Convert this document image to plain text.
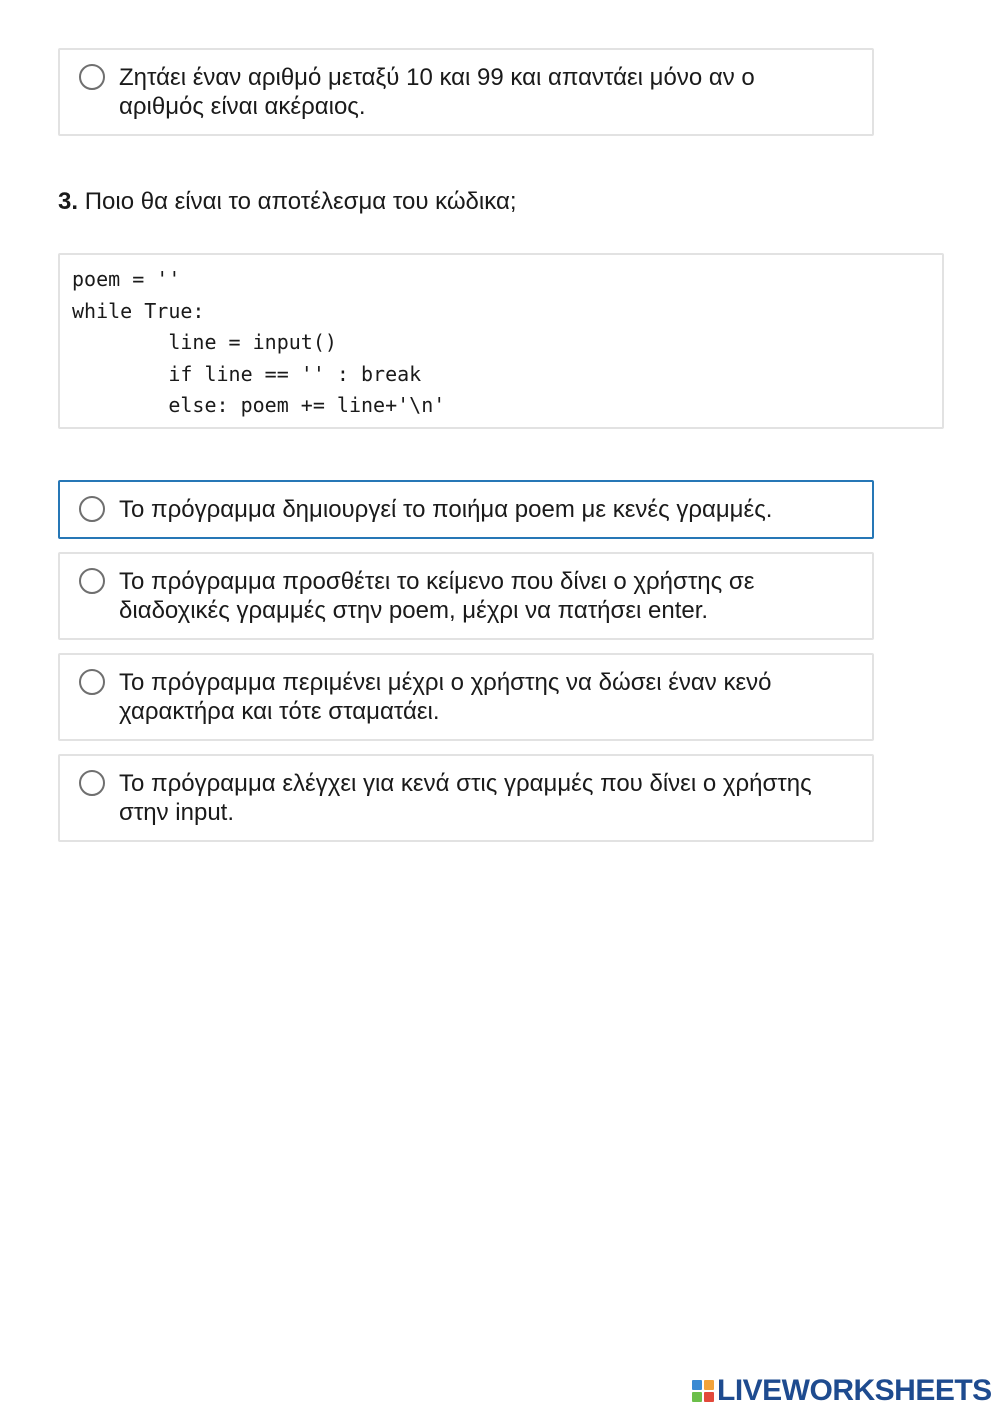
Ζητάει έναν αριθμό μεταξύ 10 και 99 και απαντάει μόνο αν ο
αριθμός είναι ακέραιος.
3. Ποιο θα είναι το αποτέλεσμα του κώδικα;
poem = ''
while True:
line = input()
if line == '' : break
else: poem += line+'\n'
Το πρόγραμμα δημιουργεί το ποιήμα poem με κενές γραμμές.
Το πρόγραμμα προσθέτει το κείμενο που δίνει ο χρήστης σε
διαδοχικές γραμμές στην poem, μέχρι να πατήσει enter.
Το πρόγραμμα περιμένει μέχρι ο χρήστης να δώσει έναν κενό
χαρακτήρα και τότε σταματάει.
Το πρόγραμμα ελέγχει για κενά στις γραμμές που δίνει ο χρήστης
στην input.
LIVEWORKSHEETS
